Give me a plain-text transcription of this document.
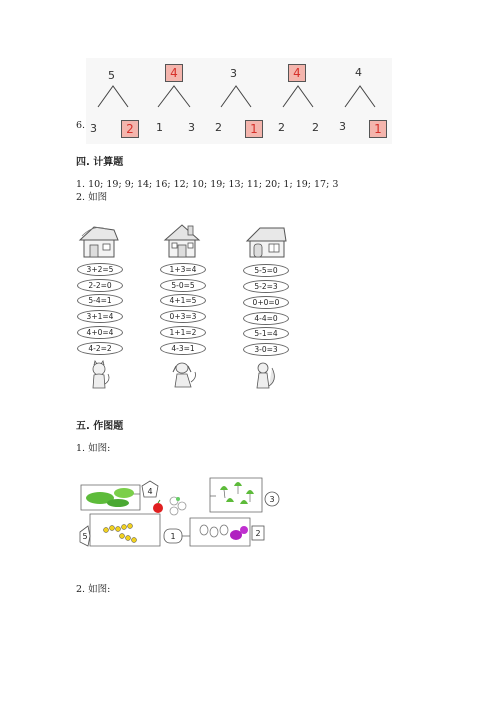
5	4	3	4	4
6. 3	2	1 3 2	1	2 2 3	1
四. 计算题
1. 10; 19; 9; 14; 16; 12; 10; 19; 13; 11; 20; 1; 19; 17; 3
2. 如图
3+2=5
2-2=0
5-4=1
3+1=4
4+0=4
4-2=2
1+3=4
5-0=5
4+1=5
0+3=3
1+1=2
4-3=1
5-5=0
5-2=3
0+0=0
4-4=0
5-1=4
3-0=3
五. 作图题
1. 如图:
4
3
5	1	2
2. 如图:
